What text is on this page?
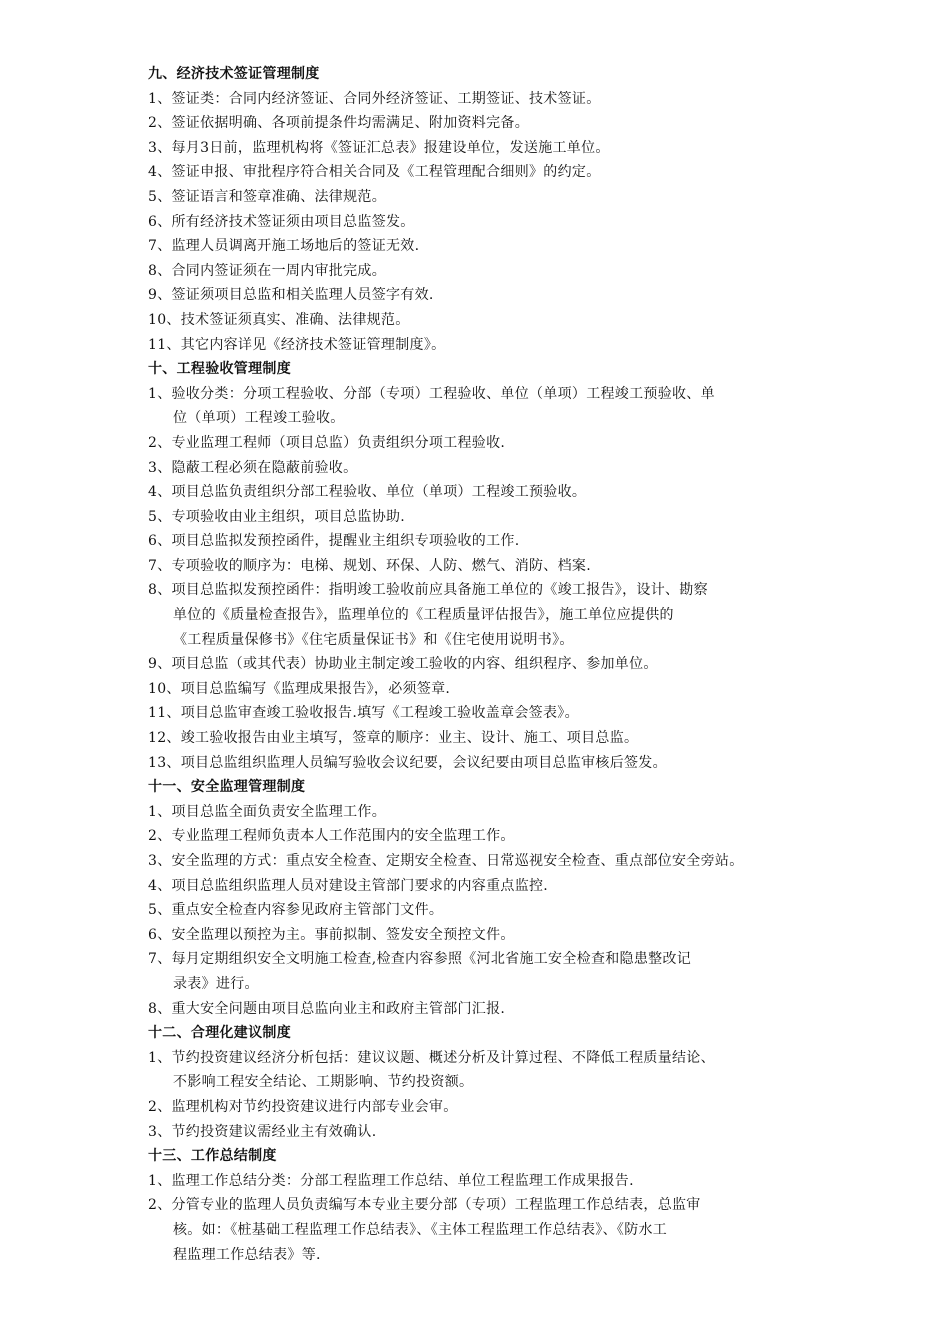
九、经济技术签证管理制度
1、签证类：合同内经济签证、合同外经济签证、工期签证、技术签证。
2、签证依据明确、各项前提条件均需满足、附加资料完备。
3、每月3日前，监理机构将《签证汇总表》报建设单位，发送施工单位。
4、签证申报、审批程序符合相关合同及《工程管理配合细则》的约定。
5、签证语言和签章准确、法律规范。
6、所有经济技术签证须由项目总监签发。
7、监理人员调离开施工场地后的签证无效.
8、合同内签证须在一周内审批完成。
9、签证须项目总监和相关监理人员签字有效.
10、技术签证须真实、准确、法律规范。
11、其它内容详见《经济技术签证管理制度》。
十、工程验收管理制度
1、验收分类：分项工程验收、分部（专项）工程验收、单位（单项）工程竣工预验收、单
位（单项）工程竣工验收。
2、专业监理工程师（项目总监）负责组织分项工程验收.
3、隐蔽工程必须在隐蔽前验收。
4、项目总监负责组织分部工程验收、单位（单项）工程竣工预验收。
5、专项验收由业主组织，项目总监协助.
6、项目总监拟发预控函件，提醒业主组织专项验收的工作.
7、专项验收的顺序为：电梯、规划、环保、人防、燃气、消防、档案.
8、项目总监拟发预控函件：指明竣工验收前应具备施工单位的《竣工报告》，设计、勘察
单位的《质量检查报告》，监理单位的《工程质量评估报告》，施工单位应提供的
《工程质量保修书》《住宅质量保证书》和《住宅使用说明书》。
9、项目总监（或其代表）协助业主制定竣工验收的内容、组织程序、参加单位。
10、项目总监编写《监理成果报告》，必须签章.
11、项目总监审查竣工验收报告.填写《工程竣工验收盖章会签表》。
12、竣工验收报告由业主填写，签章的顺序：业主、设计、施工、项目总监。
13、项目总监组织监理人员编写验收会议纪要，会议纪要由项目总监审核后签发。
十一、安全监理管理制度
1、项目总监全面负责安全监理工作。
2、专业监理工程师负责本人工作范围内的安全监理工作。
3、安全监理的方式：重点安全检查、定期安全检查、日常巡视安全检查、重点部位安全旁站。
4、项目总监组织监理人员对建设主管部门要求的内容重点监控.
5、重点安全检查内容参见政府主管部门文件。
6、安全监理以预控为主。事前拟制、签发安全预控文件。
7、每月定期组织安全文明施工检查,检查内容参照《河北省施工安全检查和隐患整改记
录表》进行。
8、重大安全问题由项目总监向业主和政府主管部门汇报.
十二、合理化建议制度
1、节约投资建议经济分析包括：建议议题、概述分析及计算过程、不降低工程质量结论、
不影响工程安全结论、工期影响、节约投资额。
2、监理机构对节约投资建议进行内部专业会审。
3、节约投资建议需经业主有效确认.
十三、工作总结制度
1、监理工作总结分类：分部工程监理工作总结、单位工程监理工作成果报告.
2、分管专业的监理人员负责编写本专业主要分部（专项）工程监理工作总结表，总监审
核。如：《桩基础工程监理工作总结表》、《主体工程监理工作总结表》、《防水工
程监理工作总结表》等.
